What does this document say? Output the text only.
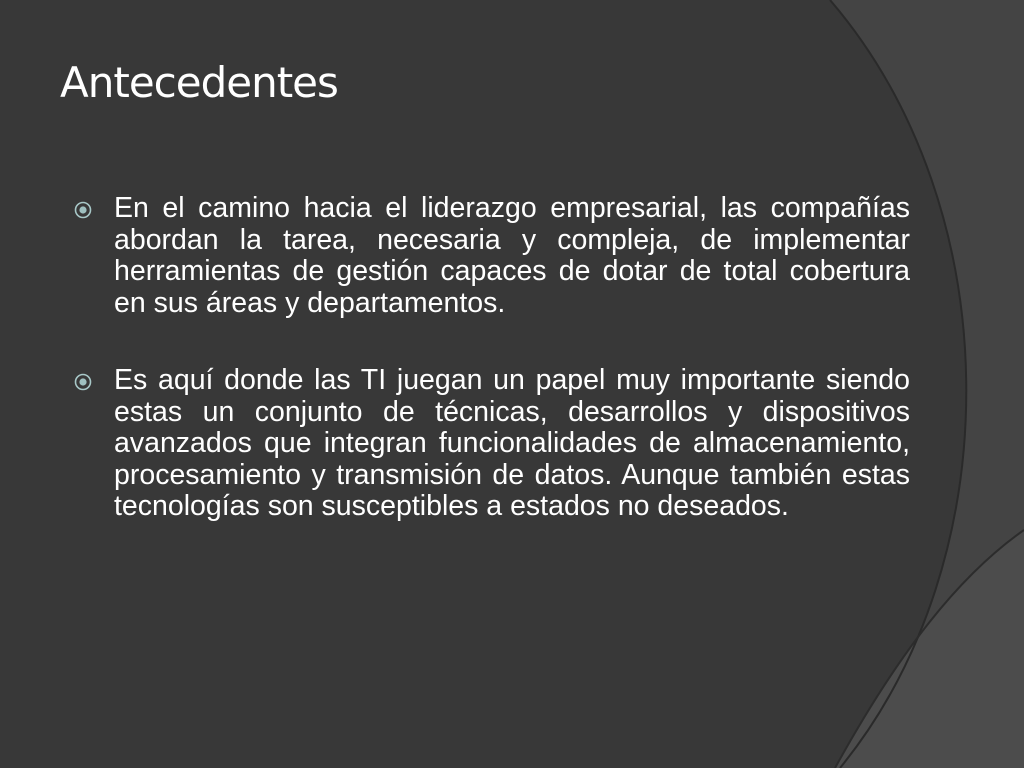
Antecedentes
En el camino hacia el liderazgo empresarial, las compañías abordan la tarea, necesaria y compleja, de implementar herramientas de gestión capaces de dotar de total cobertura en sus áreas y departamentos.
Es aquí donde las TI juegan un papel muy importante siendo estas un conjunto de técnicas, desarrollos y dispositivos avanzados que integran funcionalidades de almacenamiento, procesamiento y transmisión de datos. Aunque también estas tecnologías son susceptibles a estados no deseados.
